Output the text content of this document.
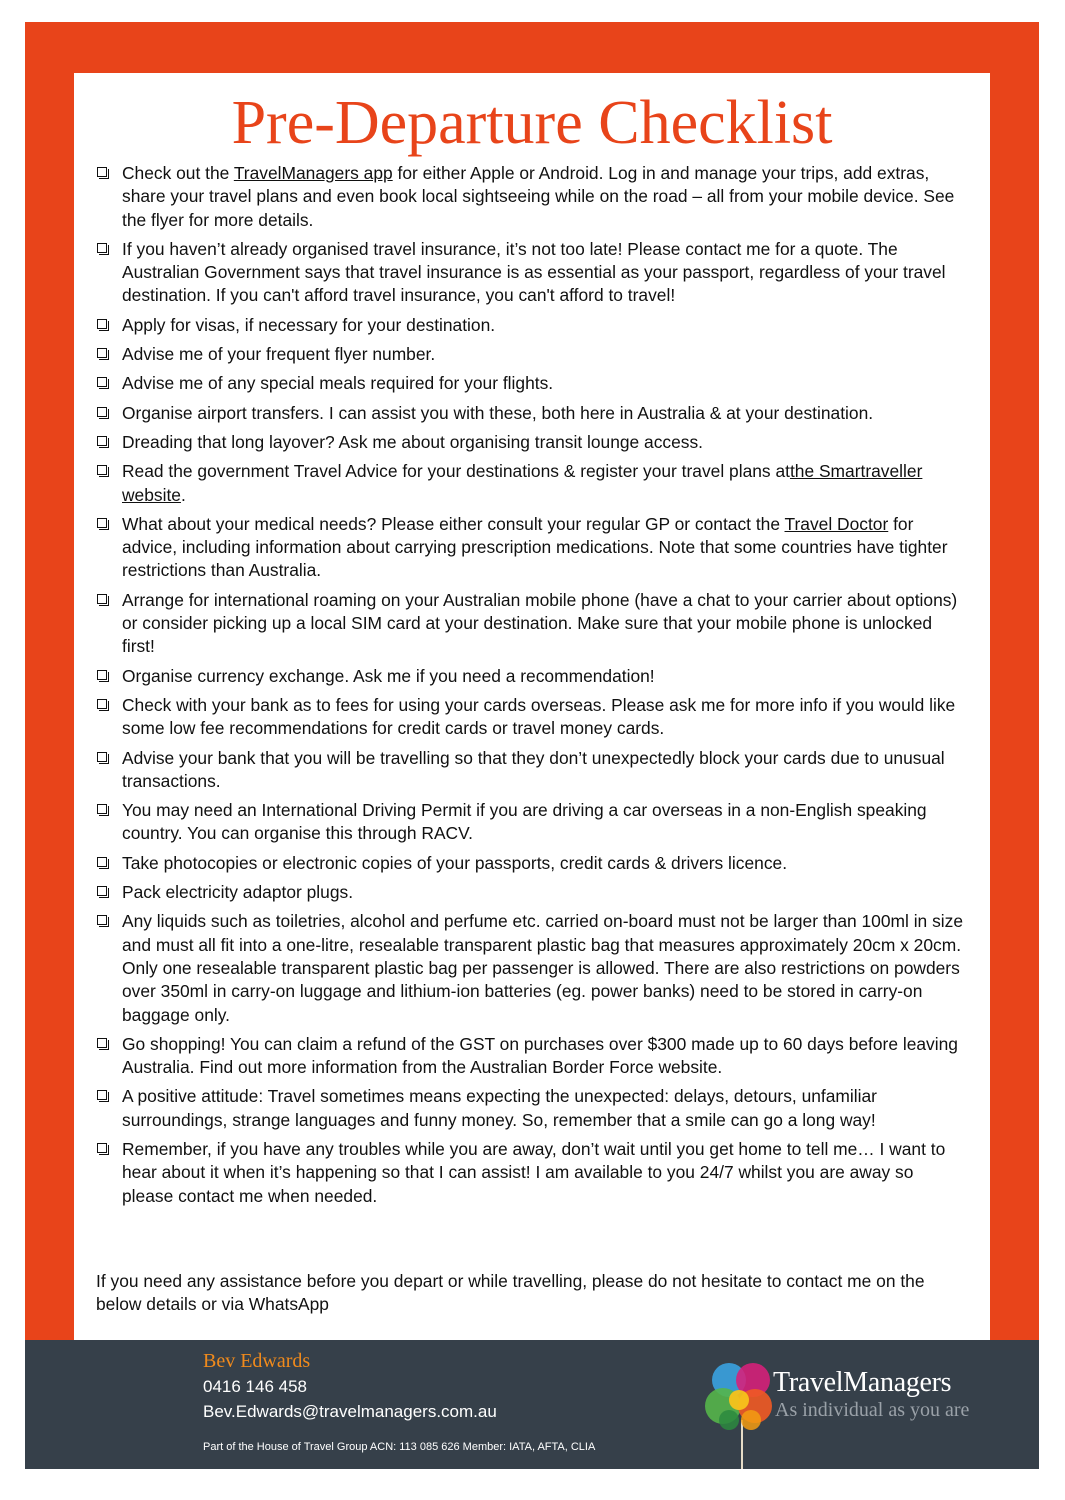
Pre-Departure Checklist
Check out the TravelManagers app for either Apple or Android. Log in and manage your trips, add extras, share your travel plans and even book local sightseeing while on the road – all from your mobile device. See the flyer for more details.
If you haven’t already organised travel insurance, it’s not too late! Please contact me for a quote. The Australian Government says that travel insurance is as essential as your passport, regardless of your travel destination. If you can't afford travel insurance, you can't afford to travel!
Apply for visas, if necessary for your destination.
Advise me of your frequent flyer number.
Advise me of any special meals required for your flights.
Organise airport transfers. I can assist you with these, both here in Australia & at your destination.
Dreading that long layover? Ask me about organising transit lounge access.
Read the government Travel Advice for your destinations & register your travel plans atthe Smartraveller website.
What about your medical needs? Please either consult your regular GP or contact the Travel Doctor for advice, including information about carrying prescription medications. Note that some countries have tighter restrictions than Australia.
Arrange for international roaming on your Australian mobile phone (have a chat to your carrier about options) or consider picking up a local SIM card at your destination. Make sure that your mobile phone is unlocked first!
Organise currency exchange. Ask me if you need a recommendation!
Check with your bank as to fees for using your cards overseas. Please ask me for more info if you would like some low fee recommendations for credit cards or travel money cards.
Advise your bank that you will be travelling so that they don’t unexpectedly block your cards due to unusual transactions.
You may need an International Driving Permit if you are driving a car overseas in a non-English speaking country. You can organise this through RACV.
Take photocopies or electronic copies of your passports, credit cards & drivers licence.
Pack electricity adaptor plugs.
Any liquids such as toiletries, alcohol and perfume etc. carried on-board must not be larger than 100ml in size and must all fit into a one-litre, resealable transparent plastic bag that measures approximately 20cm x 20cm. Only one resealable transparent plastic bag per passenger is allowed. There are also restrictions on powders over 350ml in carry-on luggage and lithium-ion batteries (eg. power banks) need to be stored in carry-on baggage only.
Go shopping! You can claim a refund of the GST on purchases over $300 made up to 60 days before leaving Australia. Find out more information from the Australian Border Force website.
A positive attitude: Travel sometimes means expecting the unexpected: delays, detours, unfamiliar surroundings, strange languages and funny money. So, remember that a smile can go a long way!
Remember, if you have any troubles while you are away, don’t wait until you get home to tell me… I want to hear about it when it’s happening so that I can assist! I am available to you 24/7 whilst you are away so please contact me when needed.

If you need any assistance before you depart or while travelling, please do not hesitate to contact me on the below details or via WhatsApp

Bev Edwards
0416 146 458
Bev.Edwards@travelmanagers.com.au
Part of the House of Travel Group ACN: 113 085 626 Member: IATA, AFTA, CLIA
TravelManagers
As individual as you are
